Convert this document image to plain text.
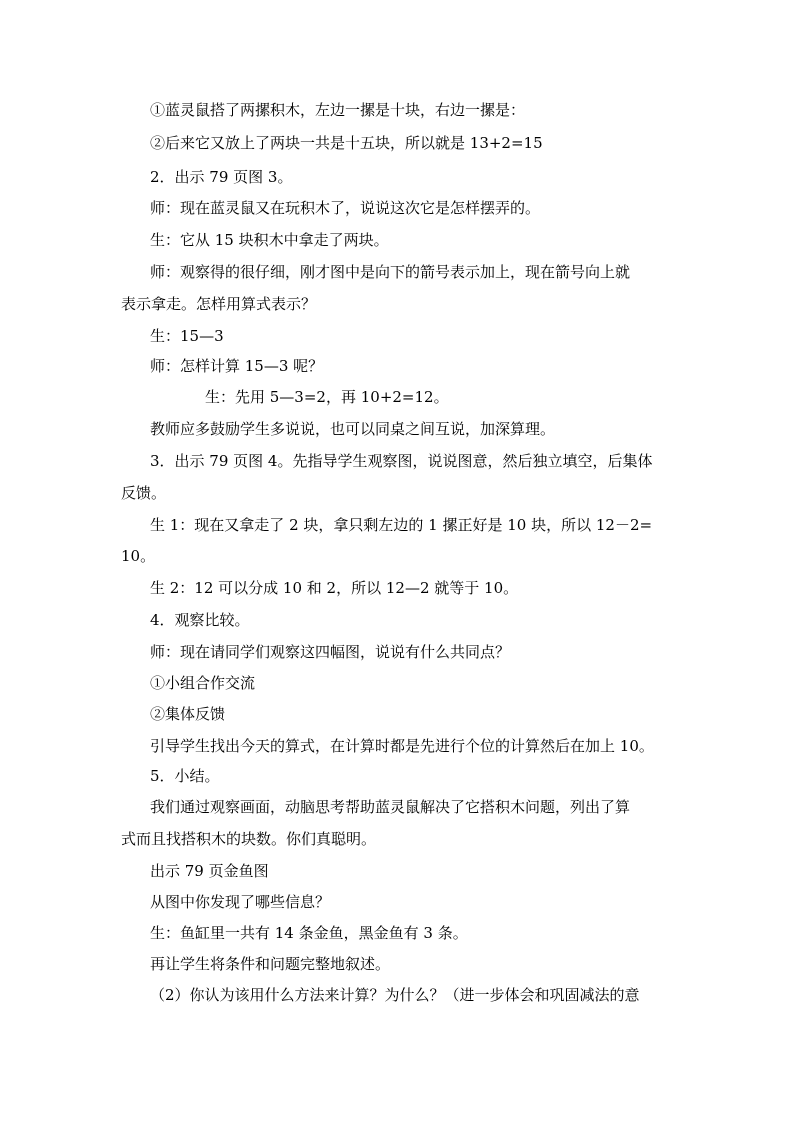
①蓝灵鼠搭了两摞积木，左边一摞是十块，右边一摞是：
②后来它又放上了两块一共是十五块，所以就是 13+2=15
2．出示 79 页图 3。
师：现在蓝灵鼠又在玩积木了，说说这次它是怎样摆弄的。
生：它从 15 块积木中拿走了两块。
师：观察得的很仔细，刚才图中是向下的箭号表示加上，现在箭号向上就
表示拿走。怎样用算式表示？
生：15—3
师：怎样计算 15—3 呢？
生：先用 5—3=2，再 10+2=12。
教师应多鼓励学生多说说，也可以同桌之间互说，加深算理。
3．出示 79 页图 4。先指导学生观察图，说说图意，然后独立填空，后集体
反馈。
生 1：现在又拿走了 2 块，拿只剩左边的 1 摞正好是 10 块，所以 12－2=
10。
生 2：12 可以分成 10 和 2，所以 12—2 就等于 10。
4．观察比较。
师：现在请同学们观察这四幅图，说说有什么共同点？
①小组合作交流
②集体反馈
引导学生找出今天的算式，在计算时都是先进行个位的计算然后在加上 10。
5．小结。
我们通过观察画面，动脑思考帮助蓝灵鼠解决了它搭积木问题，列出了算
式而且找搭积木的块数。你们真聪明。
出示 79 页金鱼图
从图中你发现了哪些信息？
生：鱼缸里一共有 14 条金鱼，黑金鱼有 3 条。
再让学生将条件和问题完整地叙述。
（2）你认为该用什么方法来计算？为什么？（进一步体会和巩固减法的意
